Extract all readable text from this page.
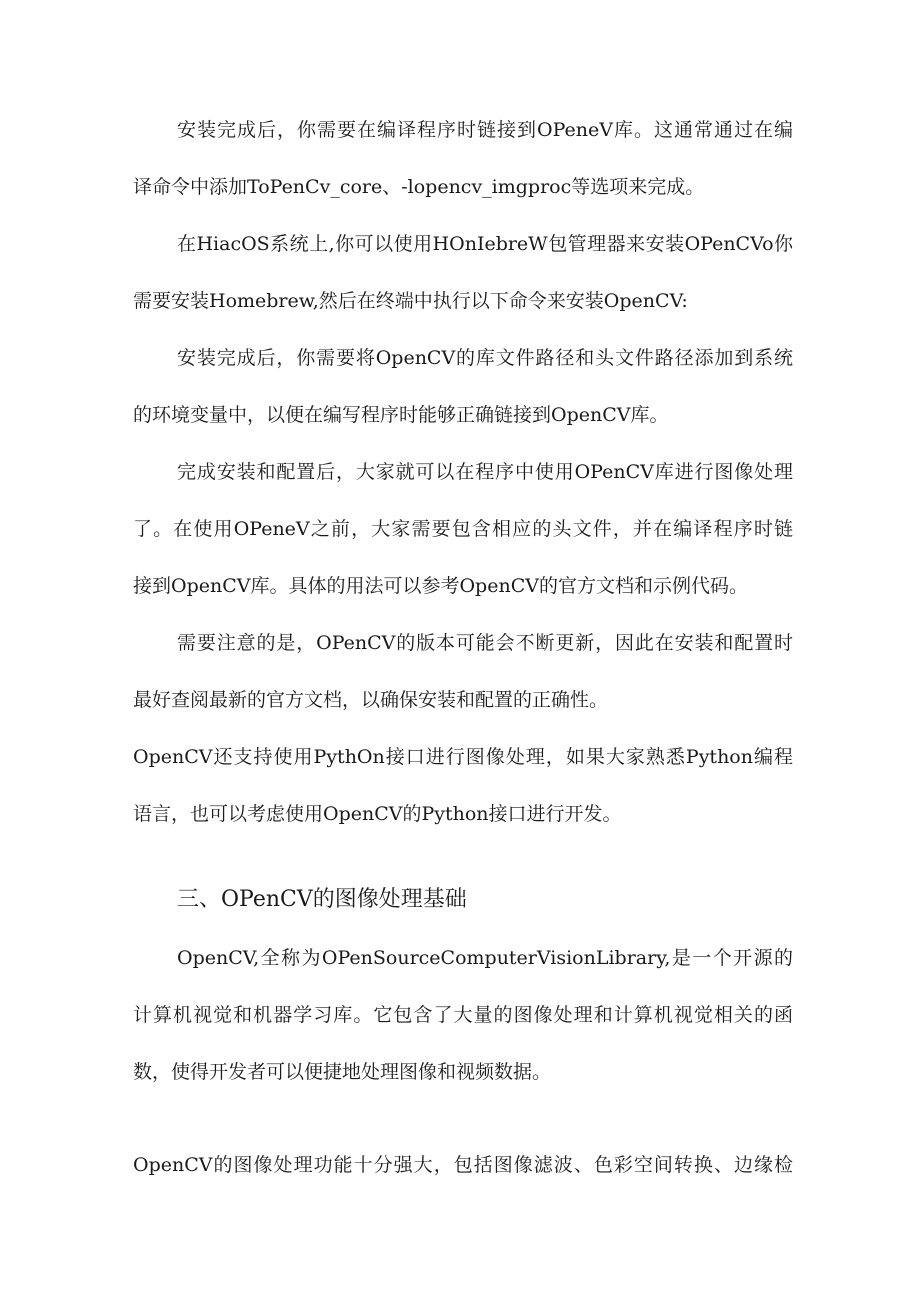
安装完成后，你需要在编译程序时链接到OPeneV库。这通常通过在编
译命令中添加ToPenCv_core、-lopencv_imgproc等选项来完成。
在HiacOS系统上,你可以使用HOnIebreW包管理器来安装OPenCVo你
需要安装Homebrew,然后在终端中执行以下命令来安装OpenCV:
安装完成后，你需要将OpenCV的库文件路径和头文件路径添加到系统
的环境变量中，以便在编写程序时能够正确链接到OpenCV库。
完成安装和配置后，大家就可以在程序中使用OPenCV库进行图像处理
了。在使用OPeneV之前，大家需要包含相应的头文件，并在编译程序时链
接到OpenCV库。具体的用法可以参考OpenCV的官方文档和示例代码。
需要注意的是，OPenCV的版本可能会不断更新，因此在安装和配置时
最好查阅最新的官方文档，以确保安装和配置的正确性。
OpenCV还支持使用PythOn接口进行图像处理，如果大家熟悉Python编程
语言，也可以考虑使用OpenCV的Python接口进行开发。
三、OPenCV的图像处理基础
OpenCV,全称为OPenSourceComputerVisionLibrary,是一个开源的
计算机视觉和机器学习库。它包含了大量的图像处理和计算机视觉相关的函
数，使得开发者可以便捷地处理图像和视频数据。
OpenCV的图像处理功能十分强大，包括图像滤波、色彩空间转换、边缘检
